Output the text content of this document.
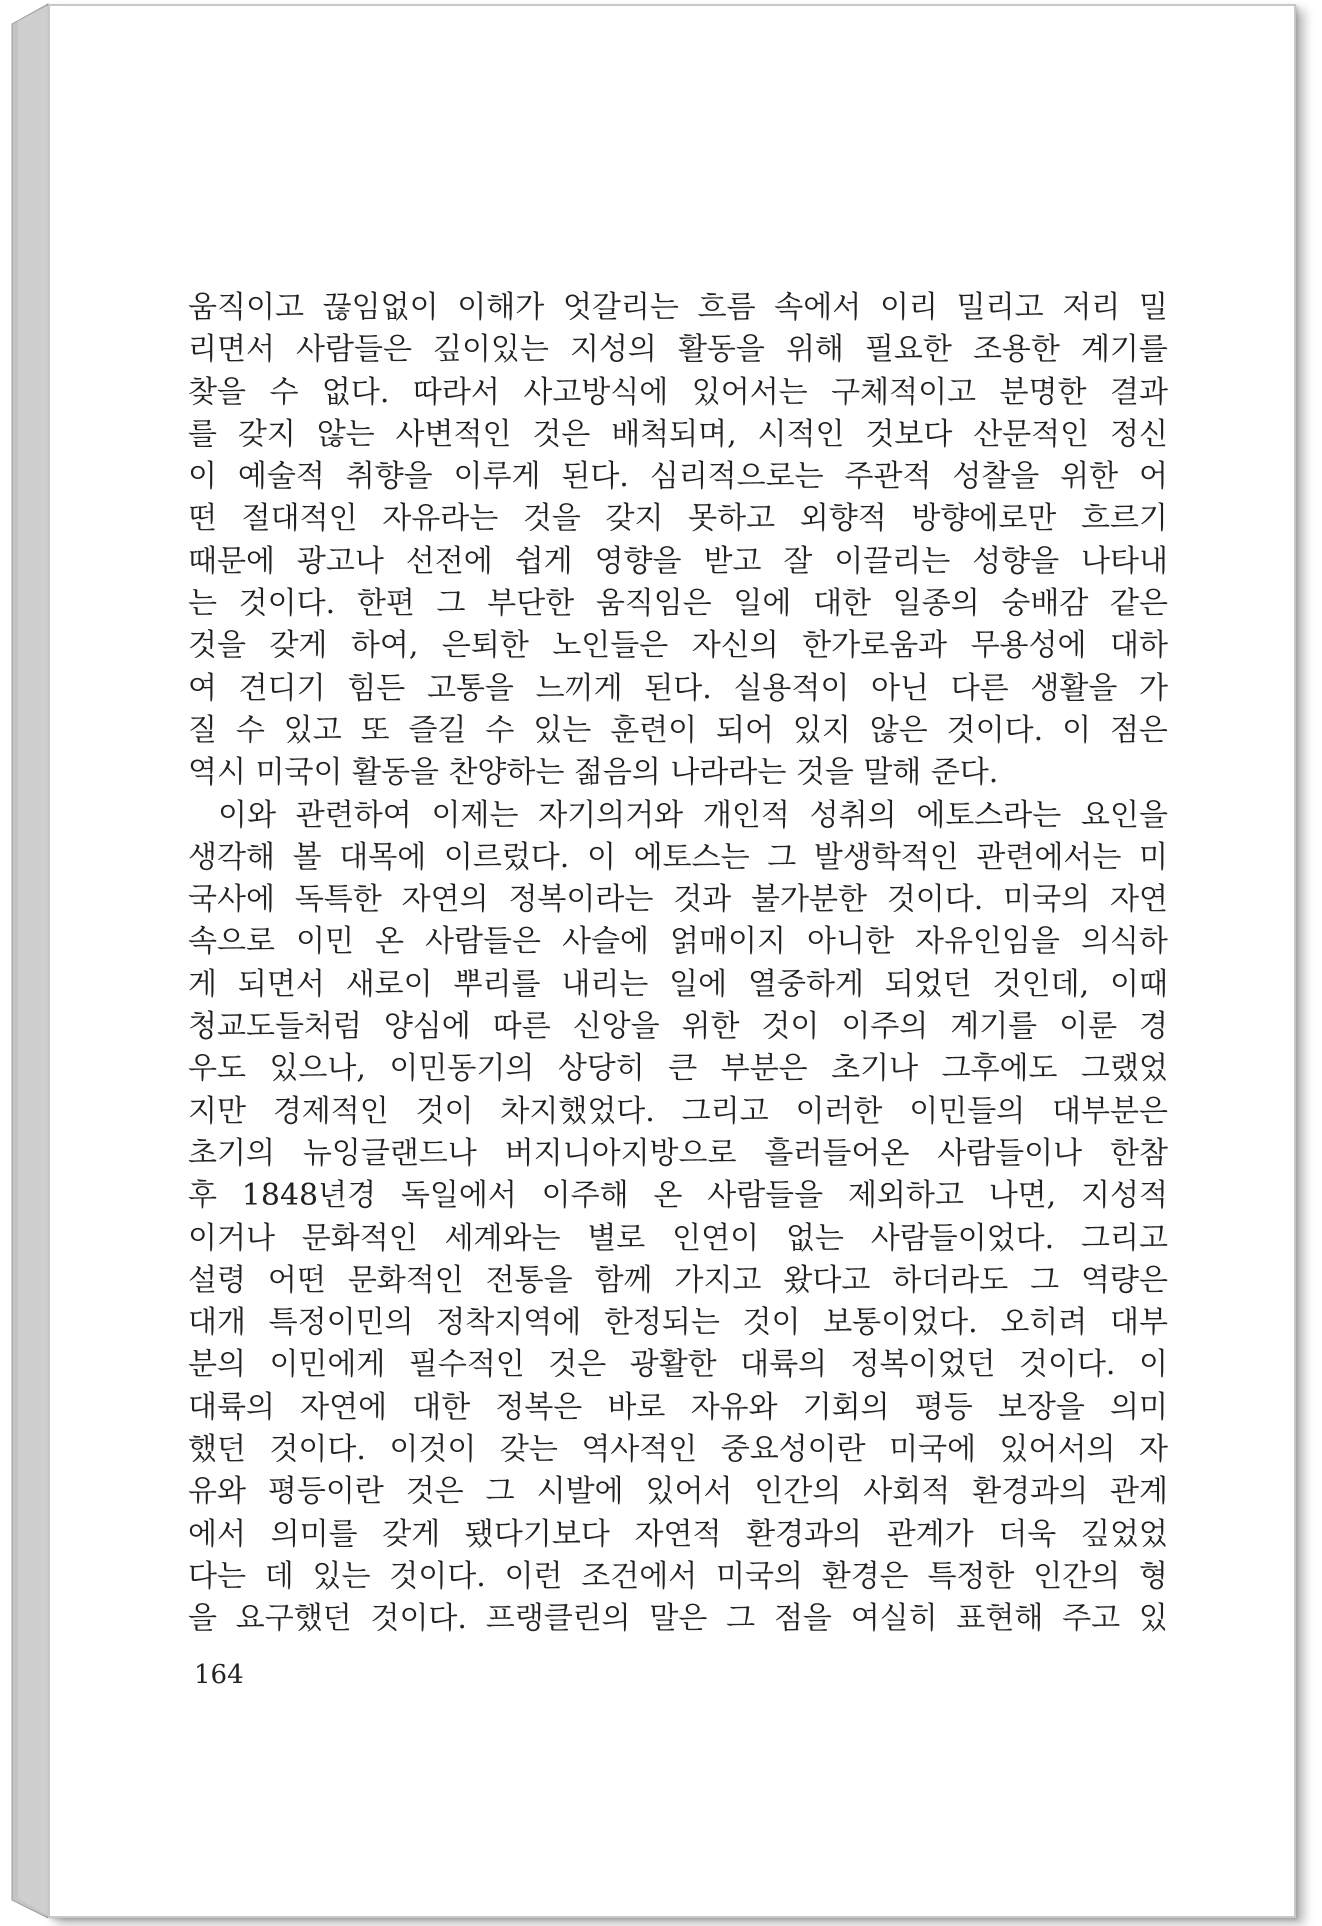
움직이고 끊임없이 이해가 엇갈리는 흐름 속에서 이리 밀리고 저리 밀
리면서 사람들은 깊이있는 지성의 활동을 위해 필요한 조용한 계기를
찾을 수 없다. 따라서 사고방식에 있어서는 구체적이고 분명한 결과
를 갖지 않는 사변적인 것은 배척되며, 시적인 것보다 산문적인 정신
이 예술적 취향을 이루게 된다. 심리적으로는 주관적 성찰을 위한 어
떤 절대적인 자유라는 것을 갖지 못하고 외향적 방향에로만 흐르기
때문에 광고나 선전에 쉽게 영향을 받고 잘 이끌리는 성향을 나타내
는 것이다. 한편 그 부단한 움직임은 일에 대한 일종의 숭배감 같은
것을 갖게 하여, 은퇴한 노인들은 자신의 한가로움과 무용성에 대하
여 견디기 힘든 고통을 느끼게 된다. 실용적이 아닌 다른 생활을 가
질 수 있고 또 즐길 수 있는 훈련이 되어 있지 않은 것이다. 이 점은
역시 미국이 활동을 찬양하는 젊음의 나라라는 것을 말해 준다.
이와 관련하여 이제는 자기의거와 개인적 성취의 에토스라는 요인을
생각해 볼 대목에 이르렀다. 이 에토스는 그 발생학적인 관련에서는 미
국사에 독특한 자연의 정복이라는 것과 불가분한 것이다. 미국의 자연
속으로 이민 온 사람들은 사슬에 얽매이지 아니한 자유인임을 의식하
게 되면서 새로이 뿌리를 내리는 일에 열중하게 되었던 것인데, 이때
청교도들처럼 양심에 따른 신앙을 위한 것이 이주의 계기를 이룬 경
우도 있으나, 이민동기의 상당히 큰 부분은 초기나 그후에도 그랬었
지만 경제적인 것이 차지했었다. 그리고 이러한 이민들의 대부분은
초기의 뉴잉글랜드나 버지니아지방으로 흘러들어온 사람들이나 한참
후 1848년경 독일에서 이주해 온 사람들을 제외하고 나면, 지성적
이거나 문화적인 세계와는 별로 인연이 없는 사람들이었다. 그리고
설령 어떤 문화적인 전통을 함께 가지고 왔다고 하더라도 그 역량은
대개 특정이민의 정착지역에 한정되는 것이 보통이었다. 오히려 대부
분의 이민에게 필수적인 것은 광활한 대륙의 정복이었던 것이다. 이
대륙의 자연에 대한 정복은 바로 자유와 기회의 평등 보장을 의미
했던 것이다. 이것이 갖는 역사적인 중요성이란 미국에 있어서의 자
유와 평등이란 것은 그 시발에 있어서 인간의 사회적 환경과의 관계
에서 의미를 갖게 됐다기보다 자연적 환경과의 관계가 더욱 깊었었
다는 데 있는 것이다. 이런 조건에서 미국의 환경은 특정한 인간의 형
을 요구했던 것이다. 프랭클린의 말은 그 점을 여실히 표현해 주고 있
164
